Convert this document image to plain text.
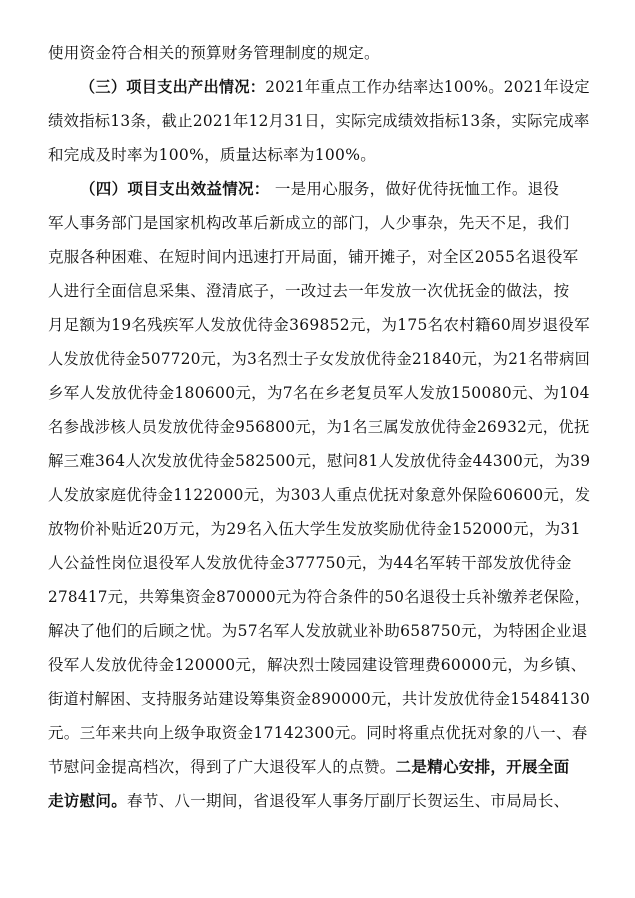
使用资金符合相关的预算财务管理制度的规定。
（三）项目支出产出情况：2021年重点工作办结率达100%。2021年设定
绩效指标13条，截止2021年12月31日，实际完成绩效指标13条，实际完成率
和完成及时率为100%，质量达标率为100%。
（四）项目支出效益情况： 一是用心服务，做好优待抚恤工作。退役
军人事务部门是国家机构改革后新成立的部门，人少事杂，先天不足，我们
克服各种困难、在短时间内迅速打开局面，铺开摊子，对全区2055名退役军
人进行全面信息采集、澄清底子，一改过去一年发放一次优抚金的做法，按
月足额为19名残疾军人发放优待金369852元，为175名农村籍60周岁退役军
人发放优待金507720元，为3名烈士子女发放优待金21840元，为21名带病回
乡军人发放优待金180600元，为7名在乡老复员军人发放150080元、为104
名参战涉核人员发放优待金956800元，为1名三属发放优待金26932元，优抚
解三难364人次发放优待金582500元，慰问81人发放优待金44300元，为39
人发放家庭优待金1122000元，为303人重点优抚对象意外保险60600元，发
放物价补贴近20万元，为29名入伍大学生发放奖励优待金152000元，为31
人公益性岗位退役军人发放优待金377750元，为44名军转干部发放优待金
278417元，共筹集资金870000元为符合条件的50名退役士兵补缴养老保险，
解决了他们的后顾之忧。为57名军人发放就业补助658750元，为特困企业退
役军人发放优待金120000元，解决烈士陵园建设管理费60000元，为乡镇、
街道村解困、支持服务站建设筹集资金890000元，共计发放优待金15484130
元。三年来共向上级争取资金17142300元。同时将重点优抚对象的八一、春
节慰问金提高档次，得到了广大退役军人的点赞。二是精心安排，开展全面
走访慰问。春节、八一期间，省退役军人事务厅副厅长贺运生、市局局长、
